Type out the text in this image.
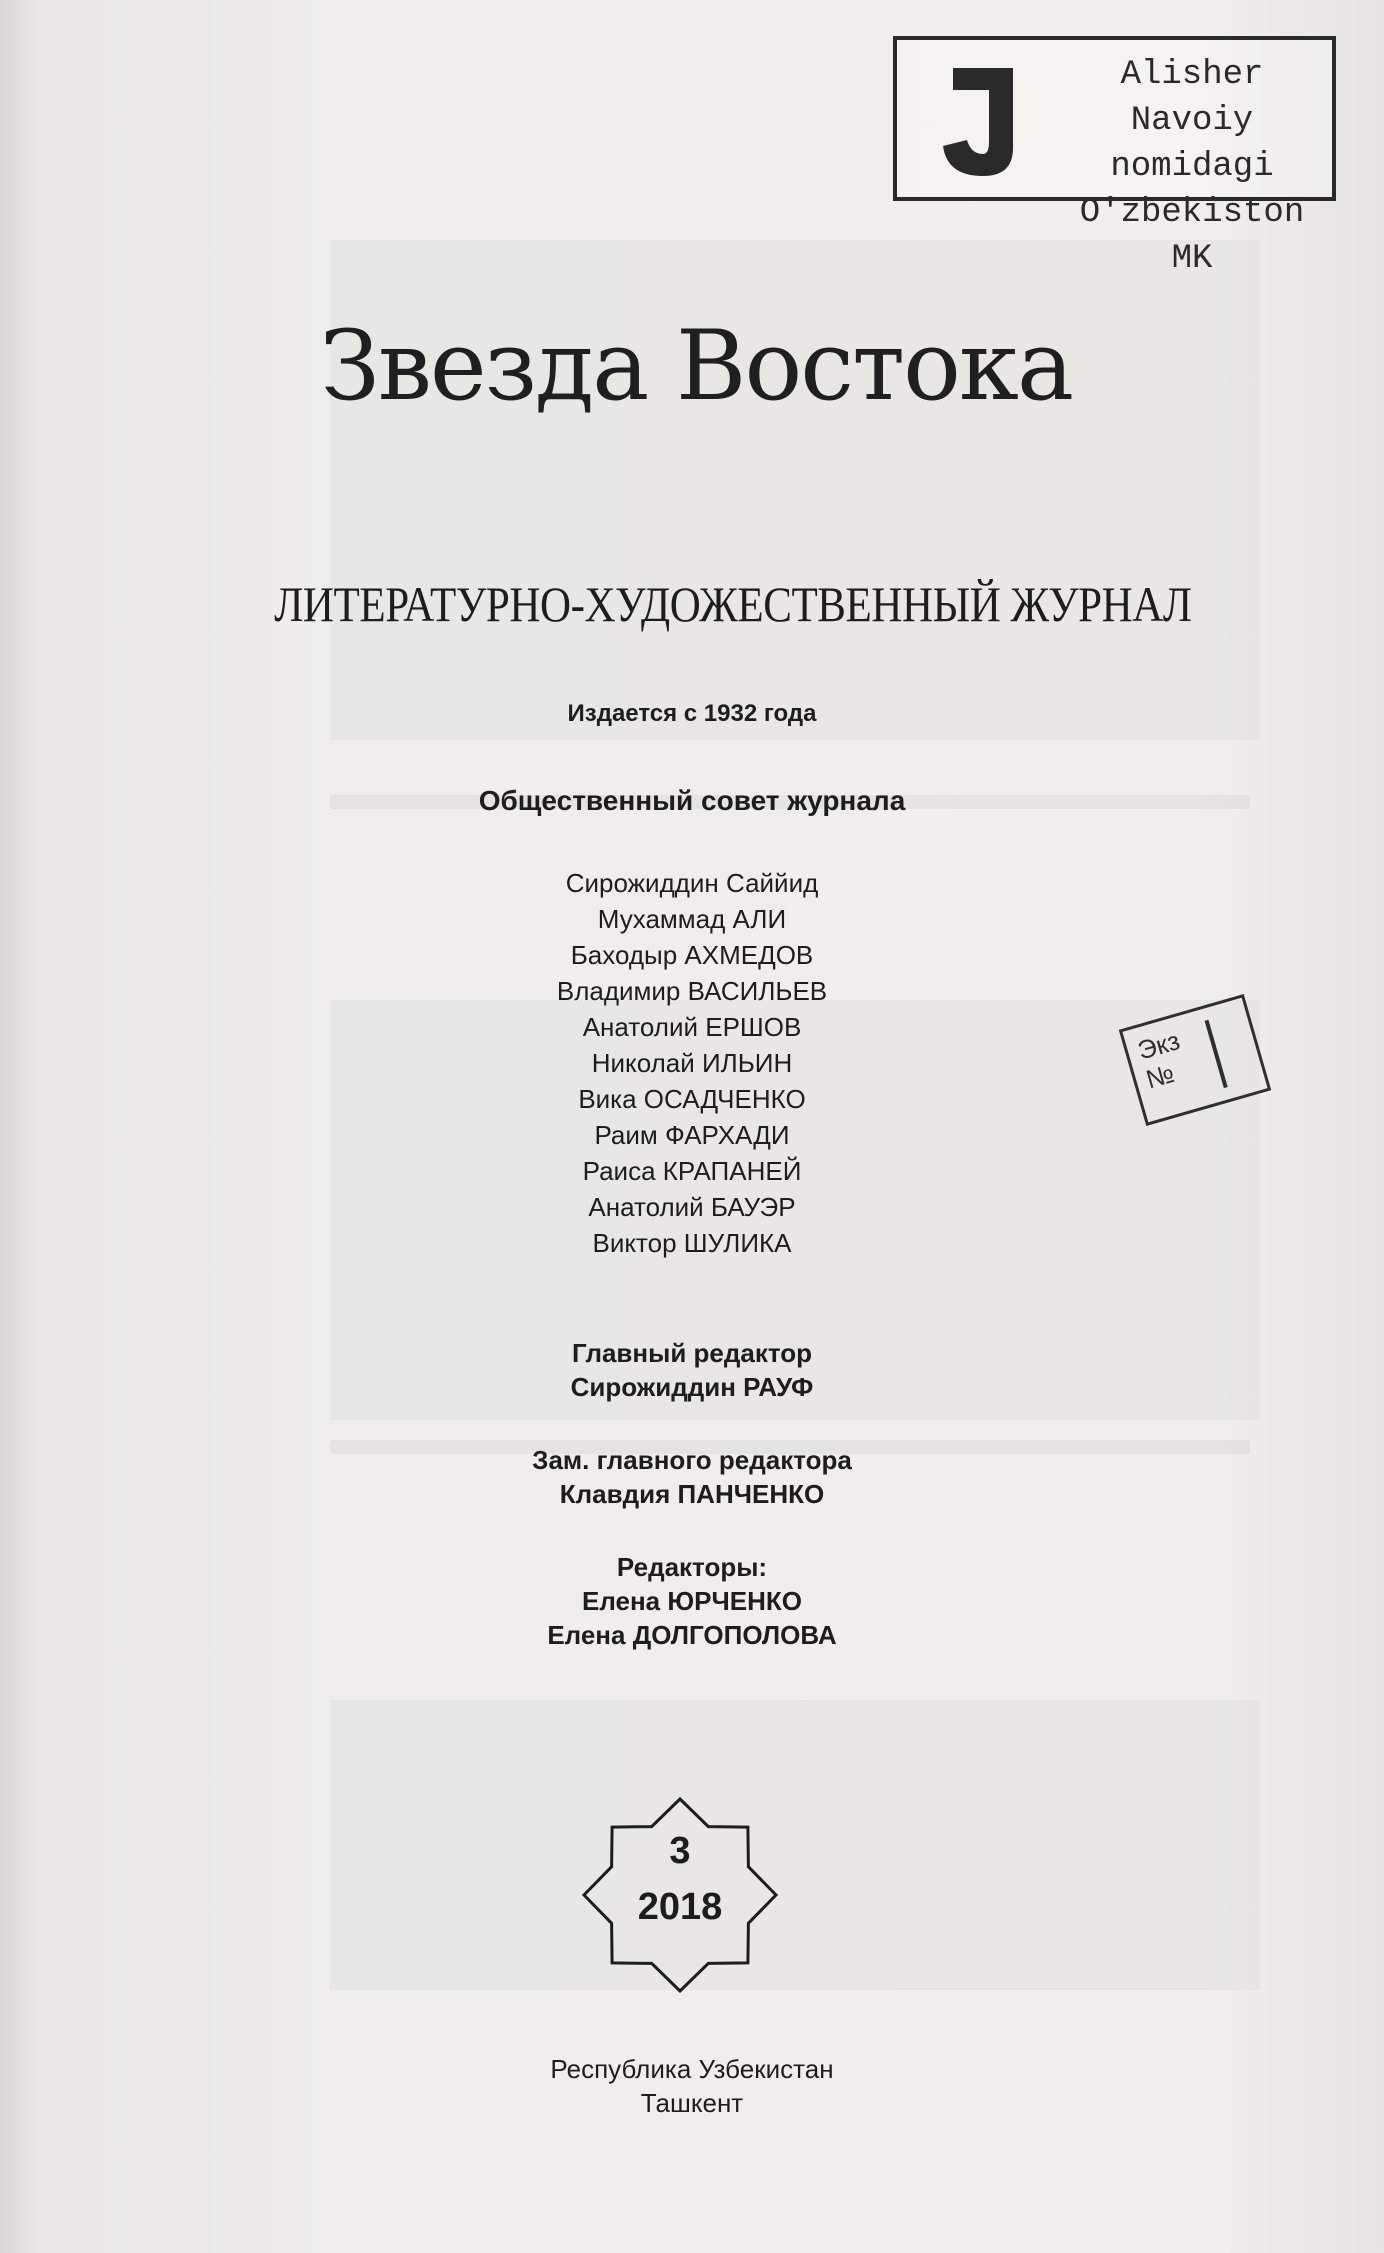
Alisher Navoiy
nomidagi
O'zbekiston MK
Звезда Востока
ЛИТЕРАТУРНО-ХУДОЖЕСТВЕННЫЙ ЖУРНАЛ
Издается с 1932 года
Общественный совет журнала
Сирожиддин Саййид
Мухаммад АЛИ
Баходыр АХМЕДОВ
Владимир ВАСИЛЬЕВ
Анатолий ЕРШОВ
Николай ИЛЬИН
Вика ОСАДЧЕНКО
Раим ФАРХАДИ
Раиса КРАПАНЕЙ
Анатолий БАУЭР
Виктор ШУЛИКА
Экз
№
Главный редактор
Сирожиддин РАУФ
Зам. главного редактора
Клавдия ПАНЧЕНКО
Редакторы:
Елена ЮРЧЕНКО
Елена ДОЛГОПОЛОВА
3
2018
Республика Узбекистан
Ташкент
